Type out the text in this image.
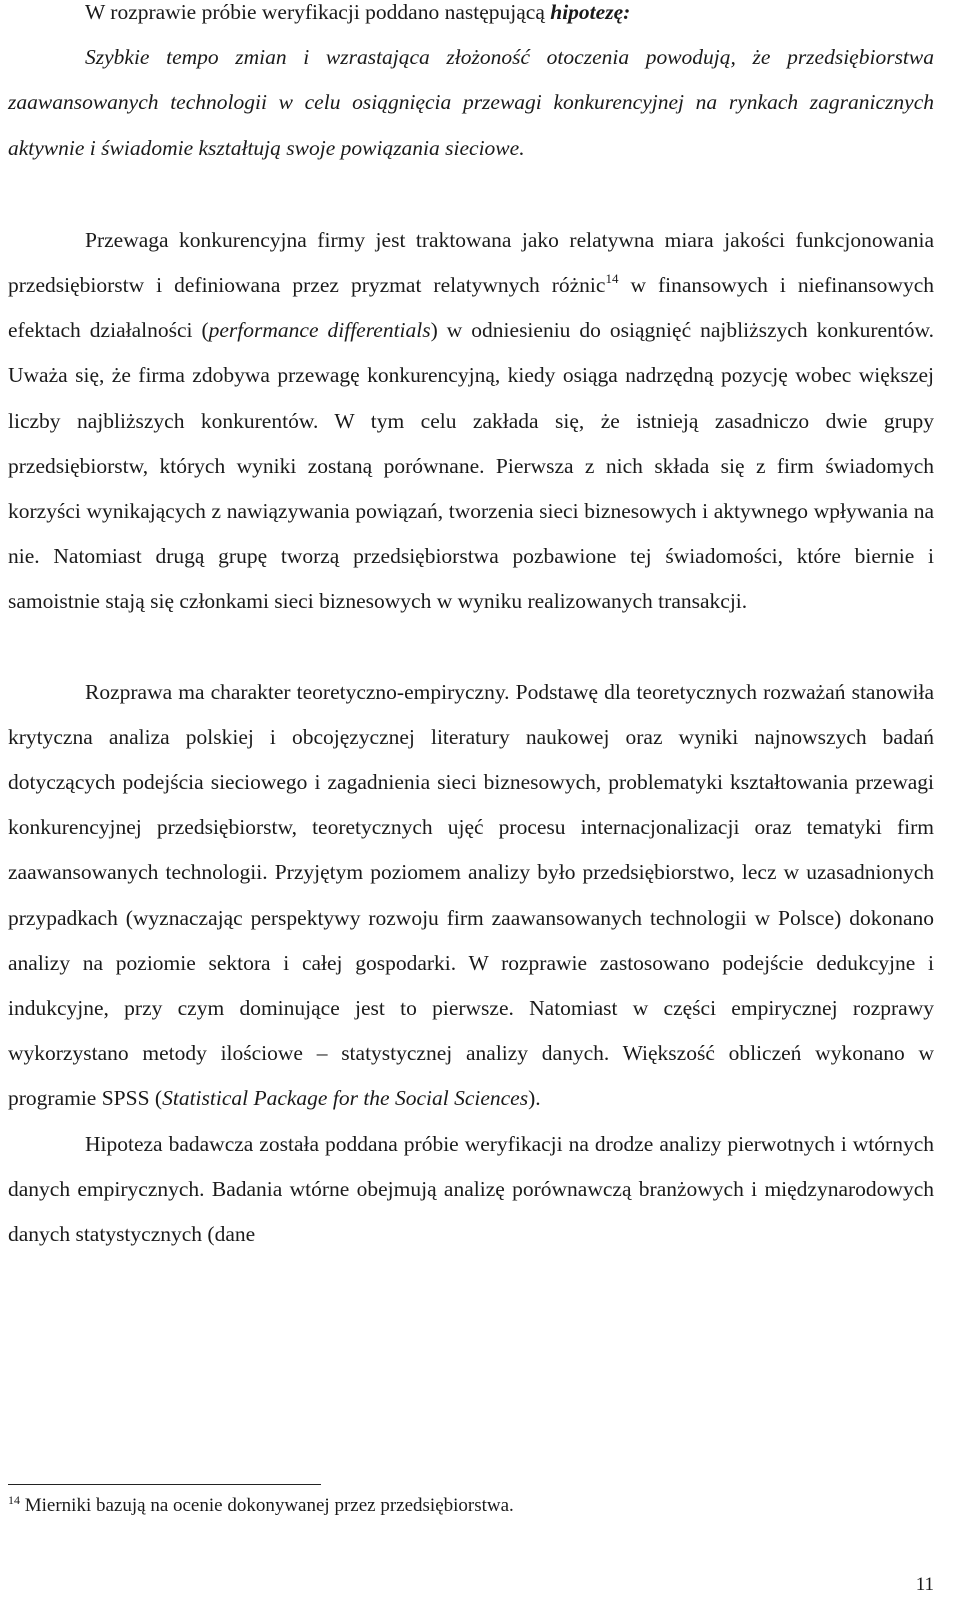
W rozprawie próbie weryfikacji poddano następującą hipotezę:

Szybkie tempo zmian i wzrastająca złożoność otoczenia powodują, że przedsiębiorstwa zaawansowanych technologii w celu osiągnięcia przewagi konkurencyjnej na rynkach zagranicznych aktywnie i świadomie kształtują swoje powiązania sieciowe.

Przewaga konkurencyjna firmy jest traktowana jako relatywna miara jakości funkcjonowania przedsiębiorstw i definiowana przez pryzmat relatywnych różnic$^{14}$ w finansowych i niefinansowych efektach działalności (performance differentials) w odniesieniu do osiągnięć najbliższych konkurentów. Uważa się, że firma zdobywa przewagę konkurencyjną, kiedy osiąga nadrzędną pozycję wobec większej liczby najbliższych konkurentów. W tym celu zakłada się, że istnieją zasadniczo dwie grupy przedsiębiorstw, których wyniki zostaną porównane. Pierwsza z nich składa się z firm świadomych korzyści wynikających z nawiązywania powiązań, tworzenia sieci biznesowych i aktywnego wpływania na nie. Natomiast drugą grupę tworzą przedsiębiorstwa pozbawione tej świadomości, które biernie i samoistnie stają się członkami sieci biznesowych w wyniku realizowanych transakcji.

Rozprawa ma charakter teoretyczno-empiryczny. Podstawę dla teoretycznych rozważań stanowiła krytyczna analiza polskiej i obcojęzycznej literatury naukowej oraz wyniki najnowszych badań dotyczących podejścia sieciowego i zagadnienia sieci biznesowych, problematyki kształtowania przewagi konkurencyjnej przedsiębiorstw, teoretycznych ujęć procesu internacjonalizacji oraz tematyki firm zaawansowanych technologii. Przyjętym poziomem analizy było przedsiębiorstwo, lecz w uzasadnionych przypadkach (wyznaczając perspektywy rozwoju firm zaawansowanych technologii w Polsce) dokonano analizy na poziomie sektora i całej gospodarki. W rozprawie zastosowano podejście dedukcyjne i indukcyjne, przy czym dominujące jest to pierwsze. Natomiast w części empirycznej rozprawy wykorzystano metody ilościowe – statystycznej analizy danych. Większość obliczeń wykonano w programie SPSS (Statistical Package for the Social Sciences).

Hipoteza badawcza została poddana próbie weryfikacji na drodze analizy pierwotnych i wtórnych danych empirycznych. Badania wtórne obejmują analizę porównawczą branżowych i międzynarodowych danych statystycznych (dane

$^{14}$ Mierniki bazują na ocenie dokonywanej przez przedsiębiorstwa.
11
